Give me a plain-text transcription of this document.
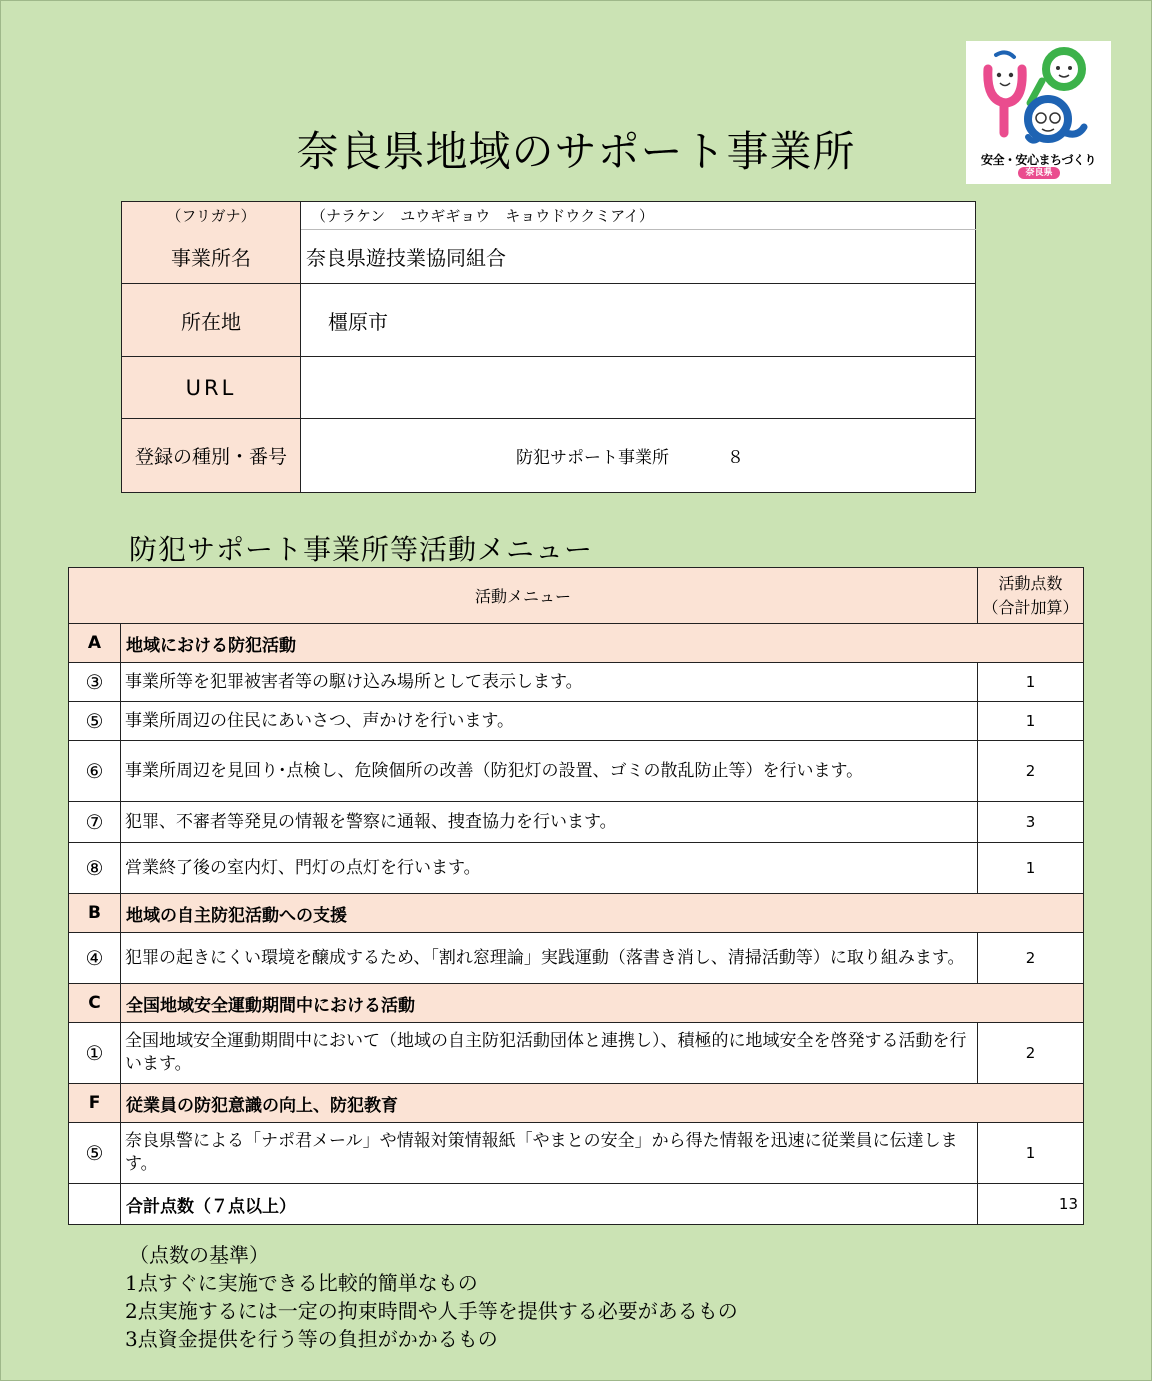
安全・安心まちづくり
奈良県
奈良県地域のサポート事業所
（フリガナ）	（ナラケン　ユウギギョウ　キョウドウクミアイ）
事業所名	奈良県遊技業協同組合
所在地	橿原市
URL	
登録の種別・番号	防犯サポート事業所 ８
防犯サポート事業所等活動メニュー
活動メニュー		活動点数
（合計加算）
A	地域における防犯活動	
③	事業所等を犯罪被害者等の駆け込み場所として表示します。	1
⑤	事業所周辺の住民にあいさつ、声かけを行います。	1
⑥	事業所周辺を見回り･点検し、危険個所の改善（防犯灯の設置、ゴミの散乱防止等）を行います。	2
⑦	犯罪、不審者等発見の情報を警察に通報、捜査協力を行います。	3
⑧	営業終了後の室内灯、門灯の点灯を行います。	1
B	地域の自主防犯活動への支援	
④	犯罪の起きにくい環境を醸成するため、「割れ窓理論」実践運動（落書き消し、清掃活動等）に取り組みます。	2
C	全国地域安全運動期間中における活動	
①	全国地域安全運動期間中において（地域の自主防犯活動団体と連携し）、積極的に地域安全を啓発する活動を行います。	2
F	従業員の防犯意識の向上、防犯教育	
⑤	奈良県警による「ナポ君メール」や情報対策情報紙「やまとの安全」から得た情報を迅速に従業員に伝達します。	1
	合計点数（７点以上）	13
（点数の基準）
1点すぐに実施できる比較的簡単なもの
2点実施するには一定の拘束時間や人手等を提供する必要があるもの
3点資金提供を行う等の負担がかかるもの
